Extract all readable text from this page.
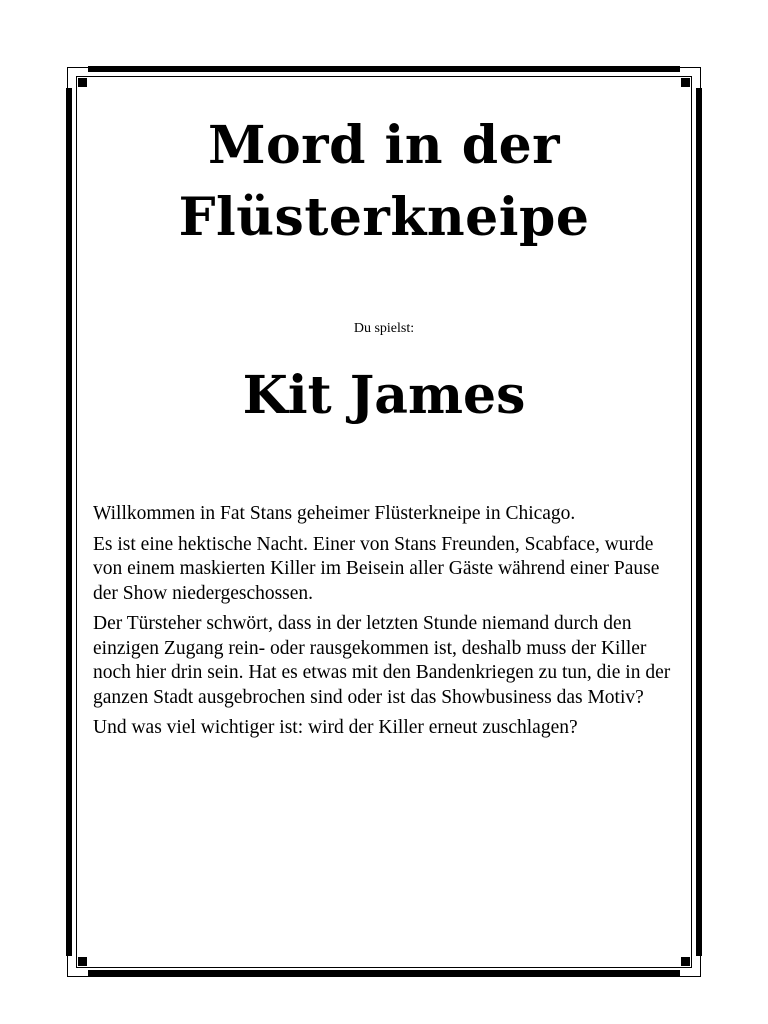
Mord in der
Flüsterkneipe
Du spielst:
Kit James

Willkommen in Fat Stans geheimer Flüsterkneipe in Chicago.

Es ist eine hektische Nacht. Einer von Stans Freunden, Scabface, wurde von einem maskierten Killer im Beisein aller Gäste während einer Pause der Show niedergeschossen.

Der Türsteher schwört, dass in der letzten Stunde niemand durch den einzigen Zugang rein- oder rausgekommen ist, deshalb muss der Killer noch hier drin sein. Hat es etwas mit den Bandenkriegen zu tun, die in der ganzen Stadt ausgebrochen sind oder ist das Showbusiness das Motiv?

Und was viel wichtiger ist: wird der Killer erneut zuschlagen?
